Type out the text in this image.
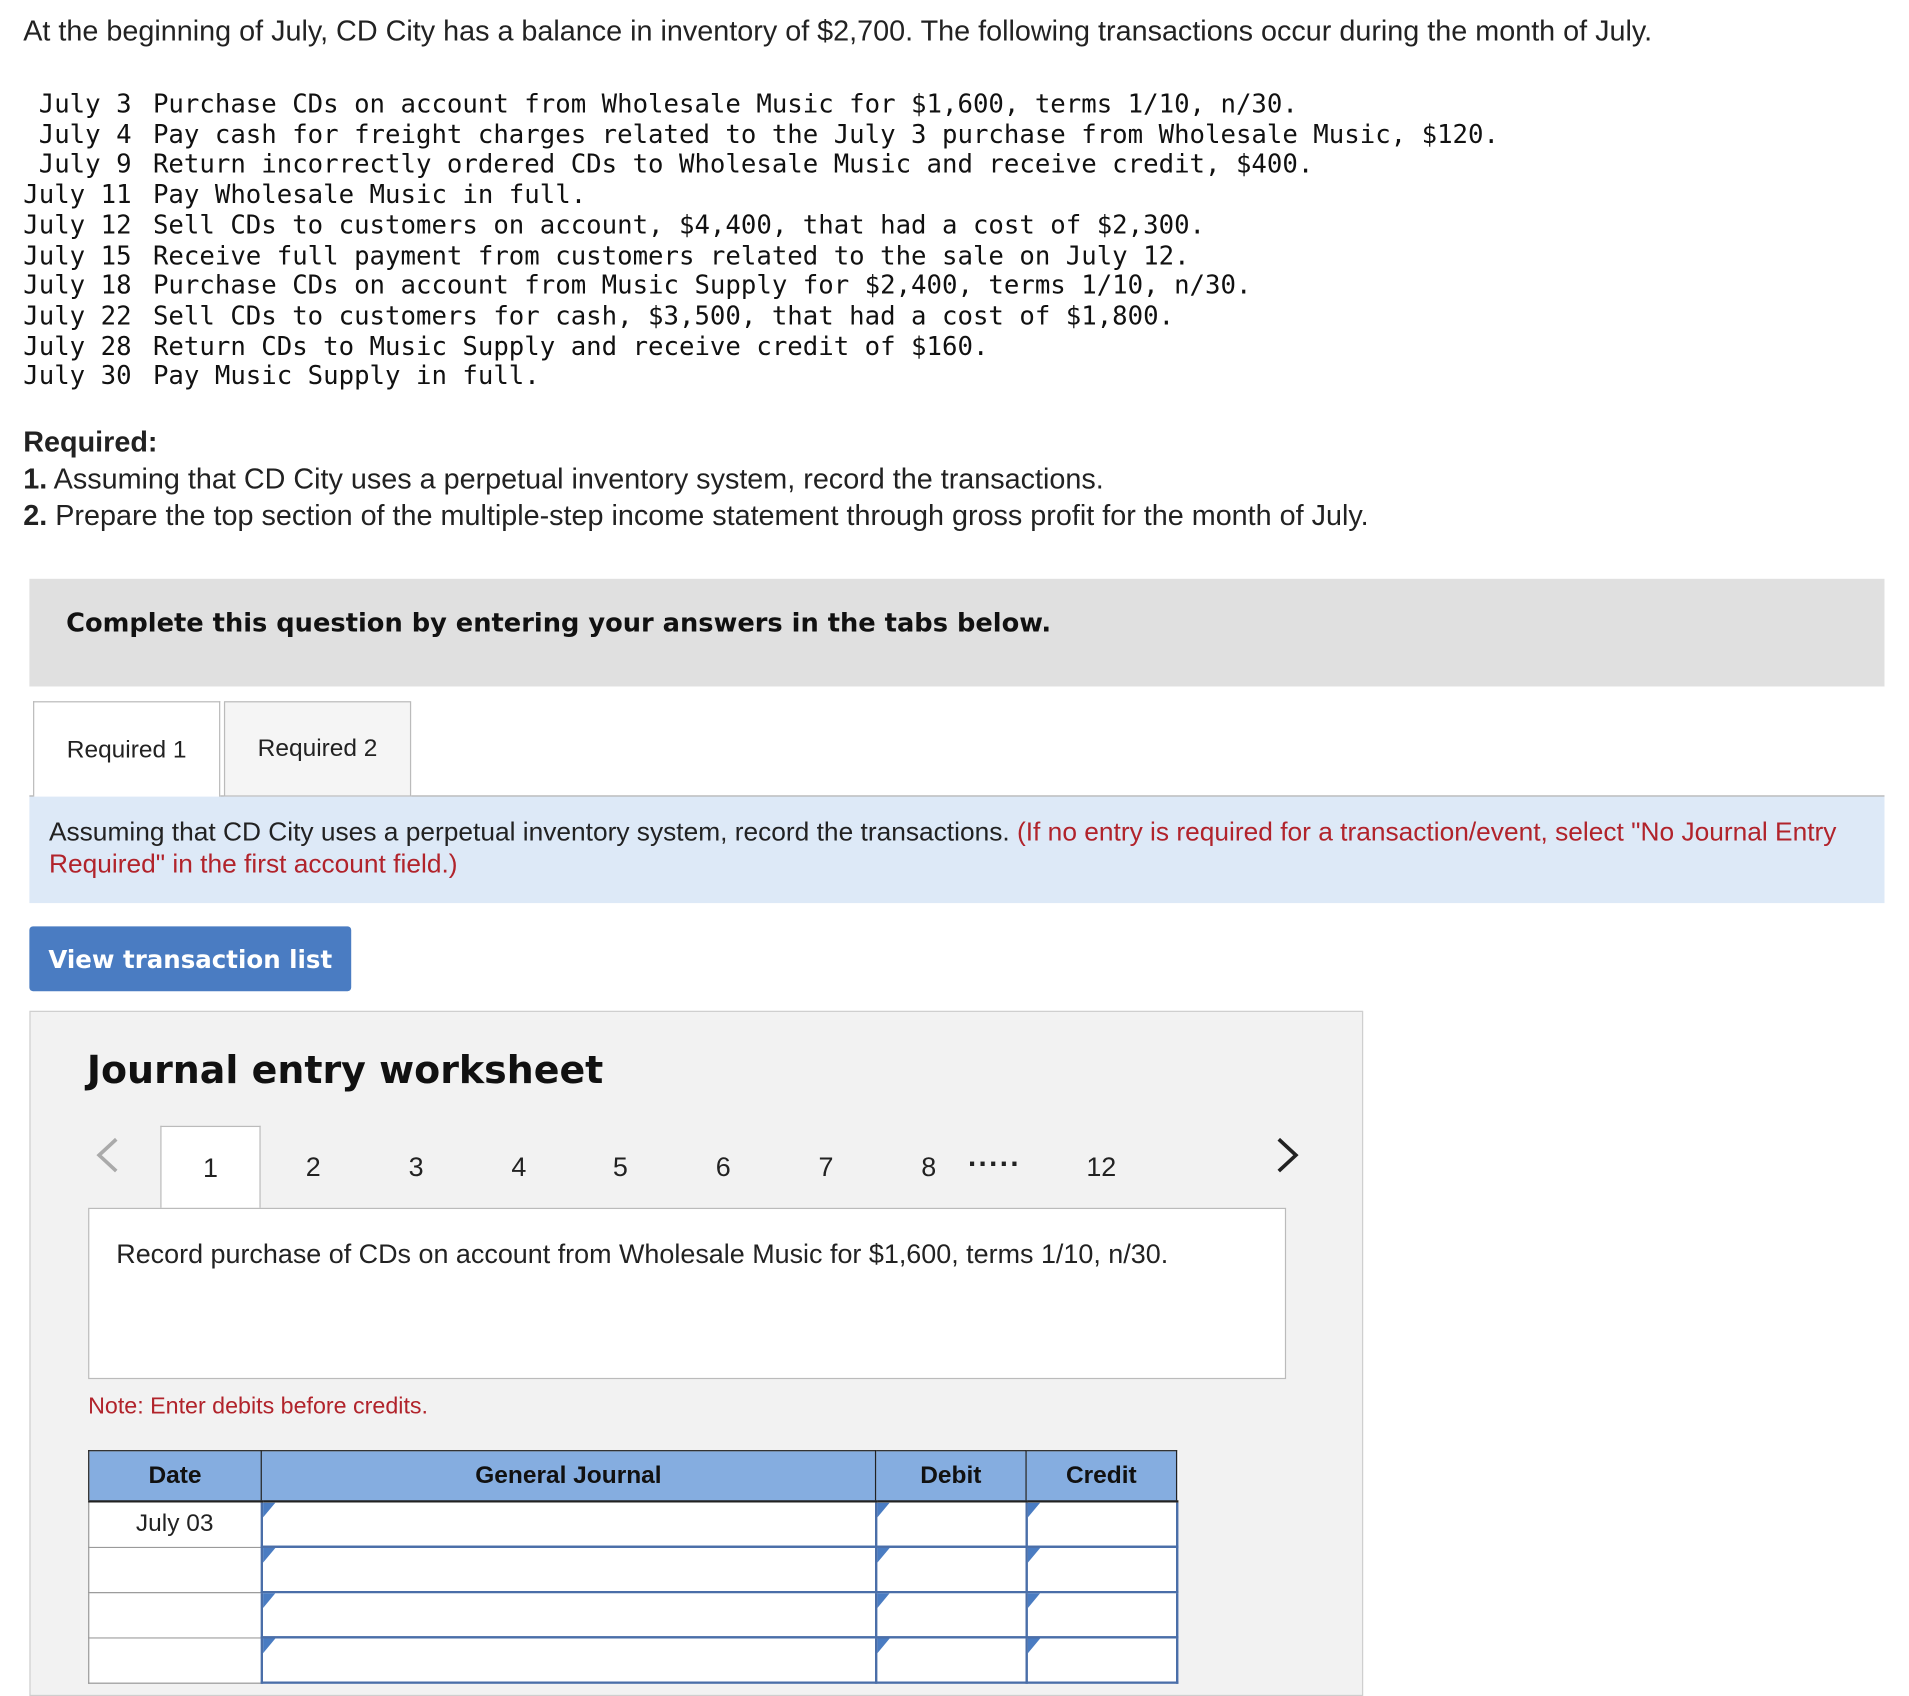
At the beginning of July, CD City has a balance in inventory of $2,700. The following transactions occur during the month of July.
July 3	Purchase CDs on account from Wholesale Music for $1,600, terms 1/10, n/30.
July 4	Pay cash for freight charges related to the July 3 purchase from Wholesale Music, $120.
July 9	Return incorrectly ordered CDs to Wholesale Music and receive credit, $400.
July 11	Pay Wholesale Music in full.
July 12	Sell CDs to customers on account, $4,400, that had a cost of $2,300.
July 15	Receive full payment from customers related to the sale on July 12.
July 18	Purchase CDs on account from Music Supply for $2,400, terms 1/10, n/30.
July 22	Sell CDs to customers for cash, $3,500, that had a cost of $1,800.
July 28	Return CDs to Music Supply and receive credit of $160.
July 30	Pay Music Supply in full.
Required:
1. Assuming that CD City uses a perpetual inventory system, record the transactions.
2. Prepare the top section of the multiple-step income statement through gross profit for the month of July.
Complete this question by entering your answers in the tabs below.
Required 1	Required 2
Assuming that CD City uses a perpetual inventory system, record the transactions. (If no entry is required for a transaction/event, select "No Journal Entry Required" in the first account field.)
View transaction list
Journal entry worksheet
1	2	3	4	5	6	7	8	.....	12
Record purchase of CDs on account from Wholesale Music for $1,600, terms 1/10, n/30.
Note: Enter debits before credits.
Date	General Journal	Debit	Credit
July 03	
